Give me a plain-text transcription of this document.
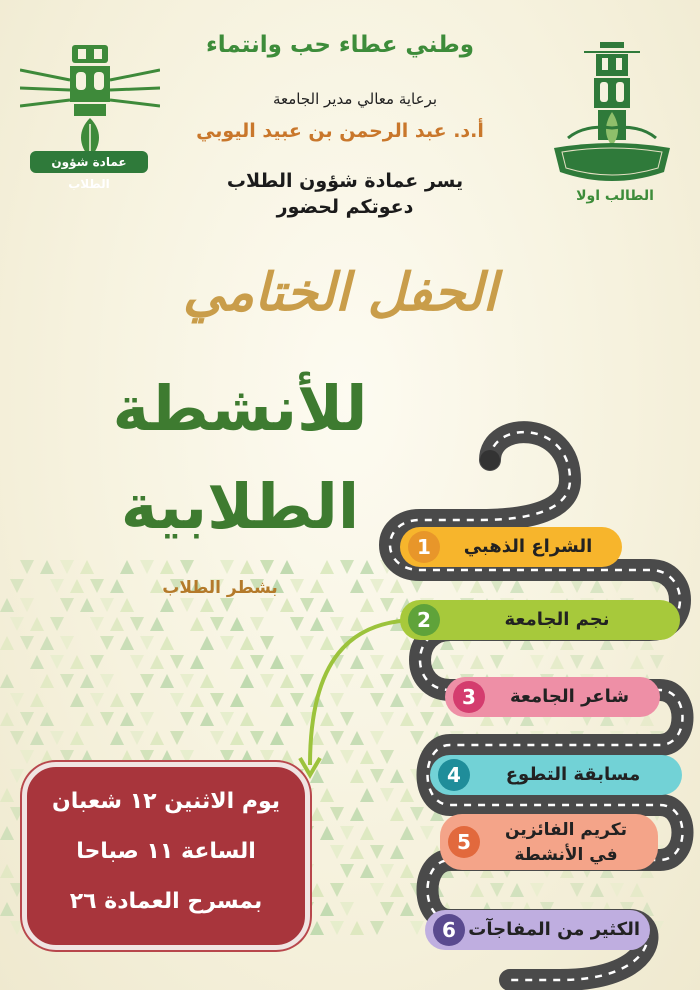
وطني عطاء حب وانتماء
برعاية معالي مدير الجامعة
أ.د. عبد الرحمن بن عبيد اليوبي
يسر عمادة شؤون الطلاب
دعوتكم لحضور
الحفل الختامي
للأنشطة
الطلابية
بشطر الطلاب
عمادة شؤون الطلاب
الطالب اولا
1	الشراع الذهبي
2	نجم الجامعة
3	شاعر الجامعة
4	مسابقة التطوع
5	تكريم الفائزين
في الأنشطة
6 الكثير من المفاجآت
يوم الاثنين ١٢ شعبان
الساعة ١١ صباحا
بمسرح العمادة ٢٦
